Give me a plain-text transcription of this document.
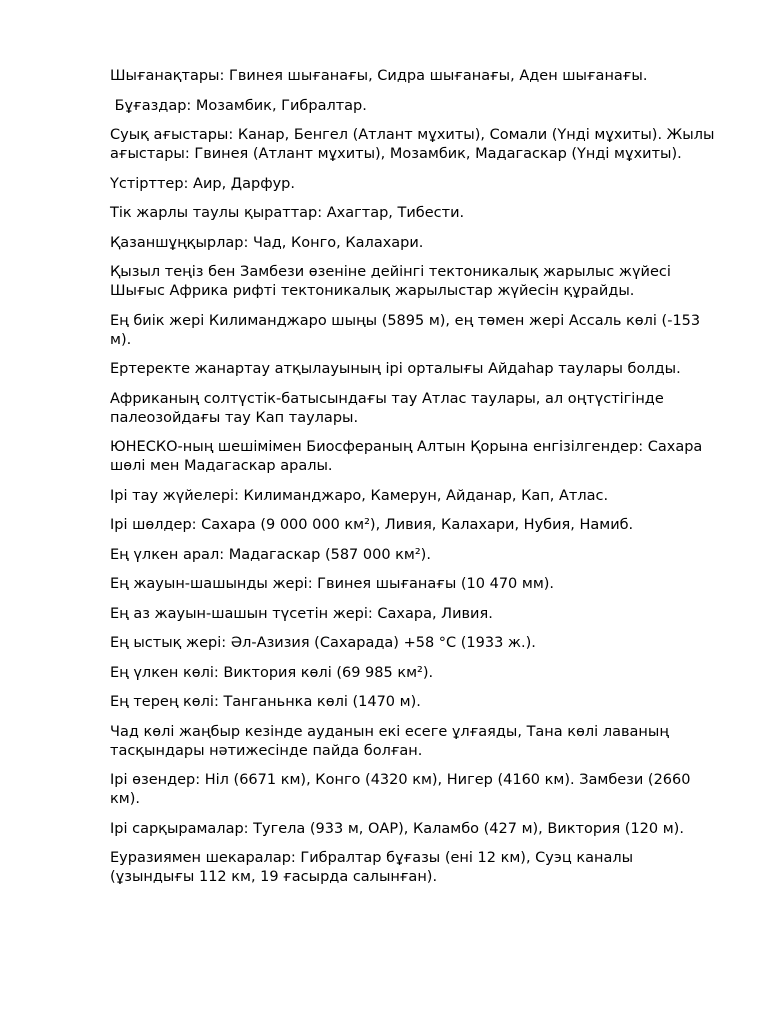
Шығанақтары: Гвинея шығанағы, Сидра шығанағы, Аден шығанағы.

Бұғаздар: Мозамбик, Гибралтар.

Суық ағыстары: Канар, Бенгел (Атлант мұхиты), Сомали (Үнді мұхиты). Жылы ағыстары: Гвинея (Атлант мұхиты), Мозамбик, Мадагаскар (Үнді мұхиты).

Үстірттер: Аир, Дарфур.

Тік жарлы таулы қыраттар: Ахагтар, Тибести.

Қазаншұңқырлар: Чад, Конго, Калахари.

Қызыл теңіз бен Замбези өзеніне дейінгі тектоникалық жарылыс жүйесі Шығыс Африка рифті тектоникалық жарылыстар жүйесін құрайды.

Ең биік жері Килиманджаро шыңы (5895 м), ең төмен жері Ассаль көлі (-153 м).

Ертеректе жанартау атқылауының ірі орталығы Айдаһар таулары болды.

Африканың солтүстік-батысындағы тау Атлас таулары, ал оңтүстігінде палеозойдағы тау Кап таулары.

ЮНЕСКО-ның шешімімен Биосфераның Алтын Қорына енгізілгендер: Сахара шөлі мен Мадагаскар аралы.

Ірі тау жүйелері: Килиманджаро, Камерун, Айданар, Кап, Атлас.

Ірі шөлдер: Сахара (9 000 000 км²), Ливия, Калахари, Нубия, Намиб.

Ең үлкен арал: Мадагаскар (587 000 км²).

Ең жауын-шашынды жері: Гвинея шығанағы (10 470 мм).

Ең аз жауын-шашын түсетін жері: Сахара, Ливия.

Ең ыстық жері: Әл-Азизия (Сахарада) +58 °С (1933 ж.).

Ең үлкен көлі: Виктория көлі (69 985 км²).

Ең терең көлі: Танганьнка көлі (1470 м).

Чад көлі жаңбыр кезінде ауданын екі есеге ұлғаяды, Тана көлі лаваның тасқындары нәтижесінде пайда болған.

Ірі өзендер: Ніл (6671 км), Конго (4320 км), Нигер (4160 км). Замбези (2660 км).

Ірі сарқырамалар: Тугела (933 м, ОАР), Каламбо (427 м), Виктория (120 м).

Еуразиямен шекаралар: Гибралтар бұғазы (ені 12 км), Суэц каналы (ұзындығы 112 км, 19 ғасырда салынған).
